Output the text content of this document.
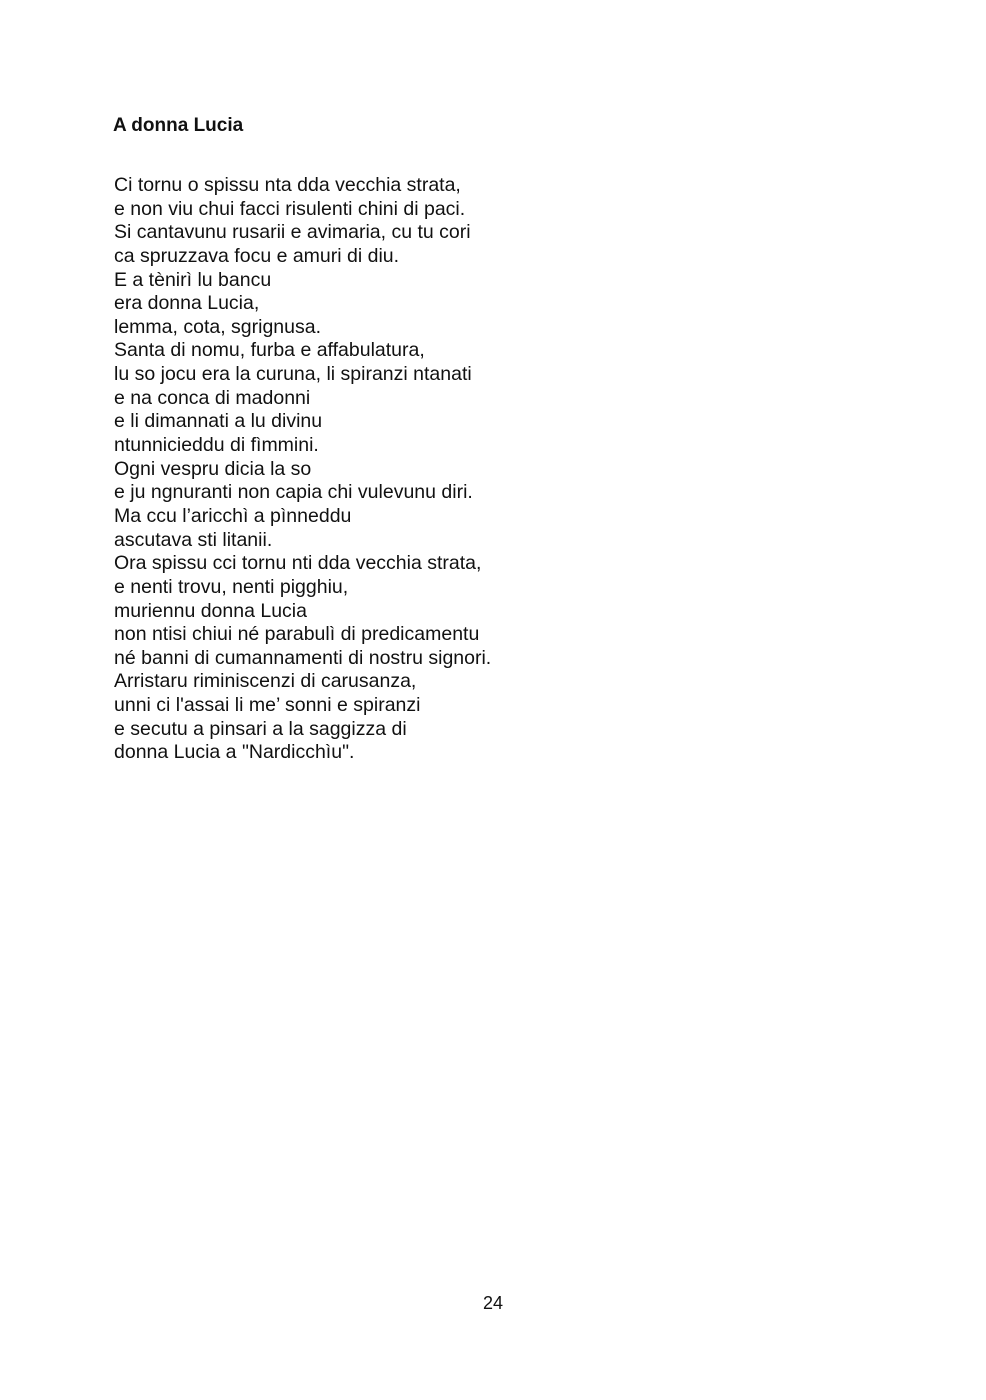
A donna Lucia
Ci tornu o spissu nta dda vecchia strata,
e non viu chui facci risulenti chini di paci.
Si cantavunu rusarii e avimaria, cu tu cori
ca spruzzava focu e amuri di diu.
E a tènirì lu bancu
era donna Lucia,
lemma, cota, sgrignusa.
Santa di nomu, furba e affabulatura,
lu so jocu era la curuna, li spiranzi ntanati
e na conca di madonni
e li dimannati a lu divinu
ntunnicieddu di fìmmini.
Ogni vespru dicia la so
e ju ngnuranti non capia chi vulevunu diri.
Ma ccu l’aricchì a pìnneddu
ascutava sti litanii.
Ora spissu cci tornu nti dda vecchia strata,
e nenti trovu, nenti pigghiu,
muriennu donna Lucia
non ntisi chiui né parabulì di predicamentu
né banni di cumannamenti di nostru signori.
Arristaru riminiscenzi di carusanza,
unni ci l'assai li me’ sonni e spiranzi
e secutu a pinsari a la saggizza di
donna Lucia a "Nardicchìu".
24
